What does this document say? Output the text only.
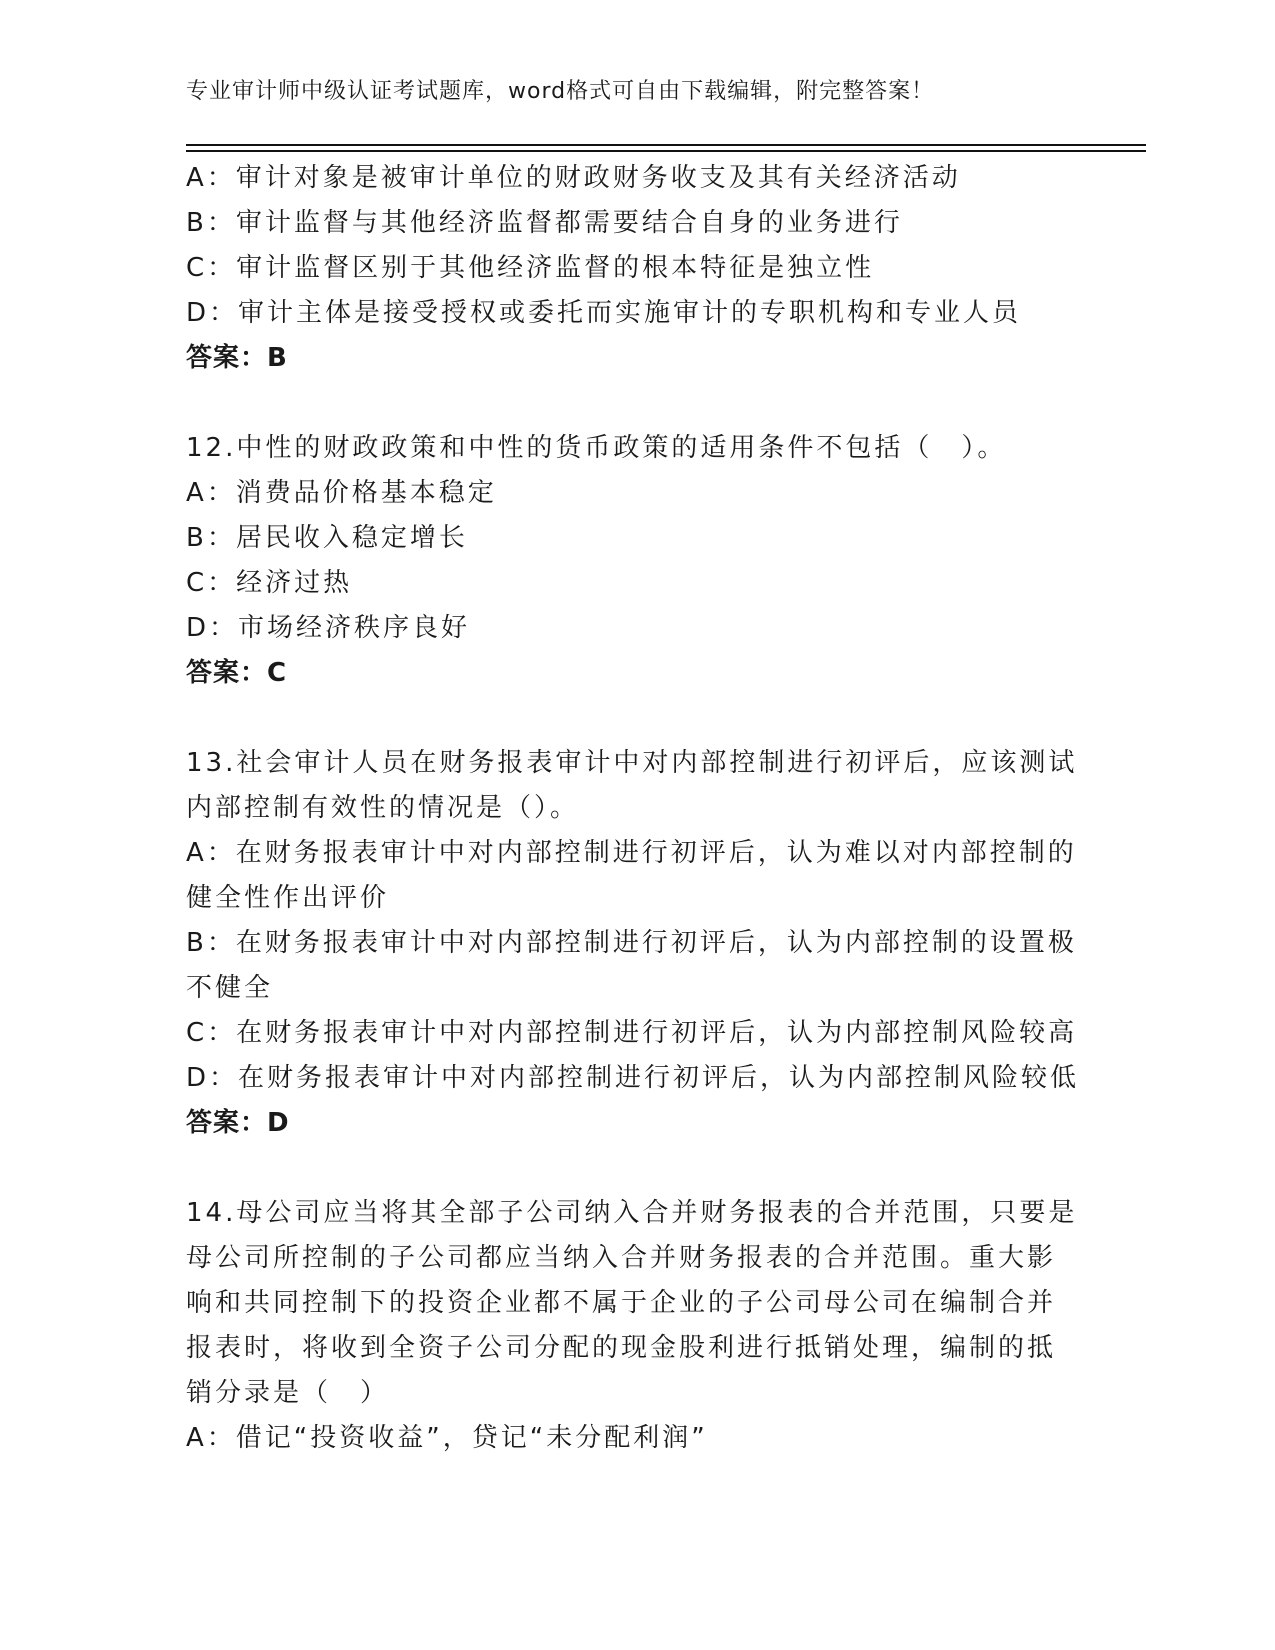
专业审计师中级认证考试题库，word格式可自由下载编辑，附完整答案！
A：审计对象是被审计单位的财政财务收支及其有关经济活动
B：审计监督与其他经济监督都需要结合自身的业务进行
C：审计监督区别于其他经济监督的根本特征是独立性
D：审计主体是接受授权或委托而实施审计的专职机构和专业人员
答案：B
12.中性的财政政策和中性的货币政策的适用条件不包括（　）。
A：消费品价格基本稳定
B：居民收入稳定增长
C：经济过热
D：市场经济秩序良好
答案：C
13.社会审计人员在财务报表审计中对内部控制进行初评后，应该测试
内部控制有效性的情况是（）。
A：在财务报表审计中对内部控制进行初评后，认为难以对内部控制的
健全性作出评价
B：在财务报表审计中对内部控制进行初评后，认为内部控制的设置极
不健全
C：在财务报表审计中对内部控制进行初评后，认为内部控制风险较高
D：在财务报表审计中对内部控制进行初评后，认为内部控制风险较低
答案：D
14.母公司应当将其全部子公司纳入合并财务报表的合并范围，只要是
母公司所控制的子公司都应当纳入合并财务报表的合并范围。重大影
响和共同控制下的投资企业都不属于企业的子公司母公司在编制合并
报表时，将收到全资子公司分配的现金股利进行抵销处理，编制的抵
销分录是（　）
A：借记“投资收益”，贷记“未分配利润”
